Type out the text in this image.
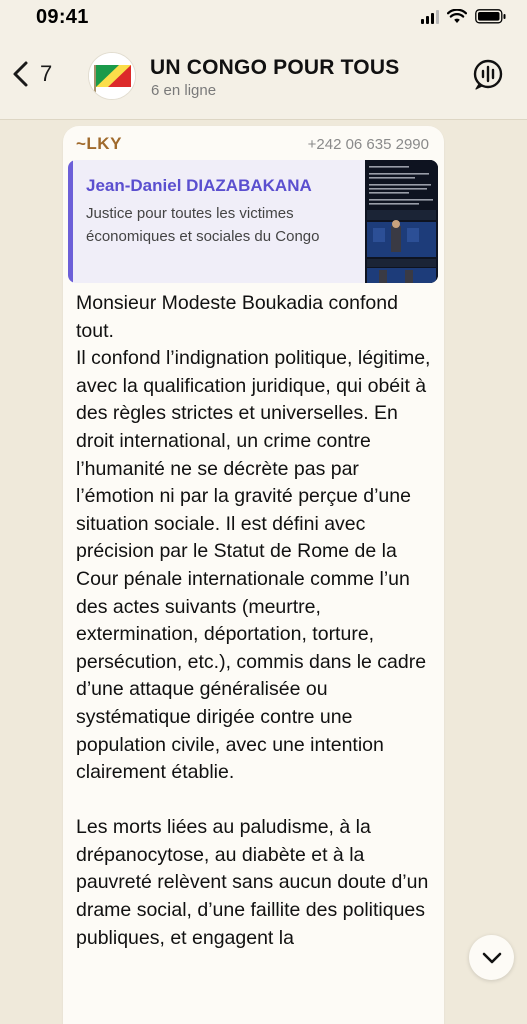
09:41
7	UN CONGO POUR TOUS
6 en ligne
~LKY	+242 06 635 2990
Jean-Daniel DIAZABAKANA
Justice pour toutes les victimes économiques et sociales du Congo
Monsieur Modeste Boukadia confond tout.
Il confond l’indignation politique, légitime, avec la qualification juridique, qui obéit à des règles strictes et universelles. En droit international, un crime contre l’humanité ne se décrète pas par l’émotion ni par la gravité perçue d’une situation sociale. Il est défini avec précision par le Statut de Rome de la Cour pénale internationale comme l’un des actes suivants (meurtre, extermination, déportation, torture, persécution, etc.), commis dans le cadre d’une attaque généralisée ou systématique dirigée contre une population civile, avec une intention clairement établie.

Les morts liées au paludisme, à la drépanocytose, au diabète et à la pauvreté relèvent sans aucun doute d’un drame social, d’une faillite des politiques publiques, et engagent la
